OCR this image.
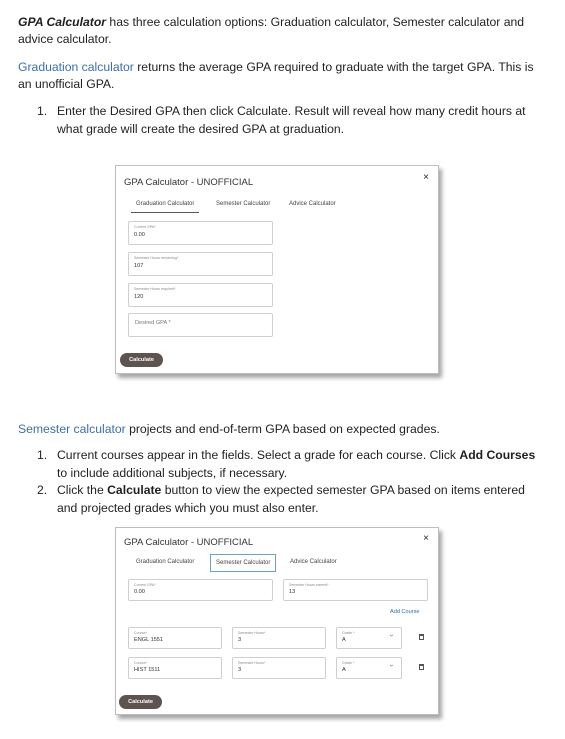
GPA Calculator has three calculation options: Graduation calculator, Semester calculator and advice calculator.
Graduation calculator returns the average GPA required to graduate with the target GPA. This is an unofficial GPA.
1. Enter the Desired GPA then click Calculate. Result will reveal how many credit hours at what grade will create the desired GPA at graduation.
GPA Calculator - UNOFFICIAL	×
Graduation Calculator	Semester Calculator	Advice Calculator
Current GPA*
0.00
Semester Hours remaining*
107
Semester Hours required*
120
Desired GPA *
Calculate
Semester calculator projects and end-of-term GPA based on expected grades.
1. Current courses appear in the fields. Select a grade for each course. Click Add Courses to include additional subjects, if necessary.
2. Click the Calculate button to view the expected semester GPA based on items entered and projected grades which you must also enter.
GPA Calculator - UNOFFICIAL	×
Graduation Calculator	Semester Calculator	Advice Calculator
Current GPA*
0.00
Semester Hours earned*
13
Add Course
Course*
ENGL 1551
Semester Hours*
3
Grade *
A
›
Course*
HIST 1511
Semester Hours*
3
Grade *
A
›
Calculate
